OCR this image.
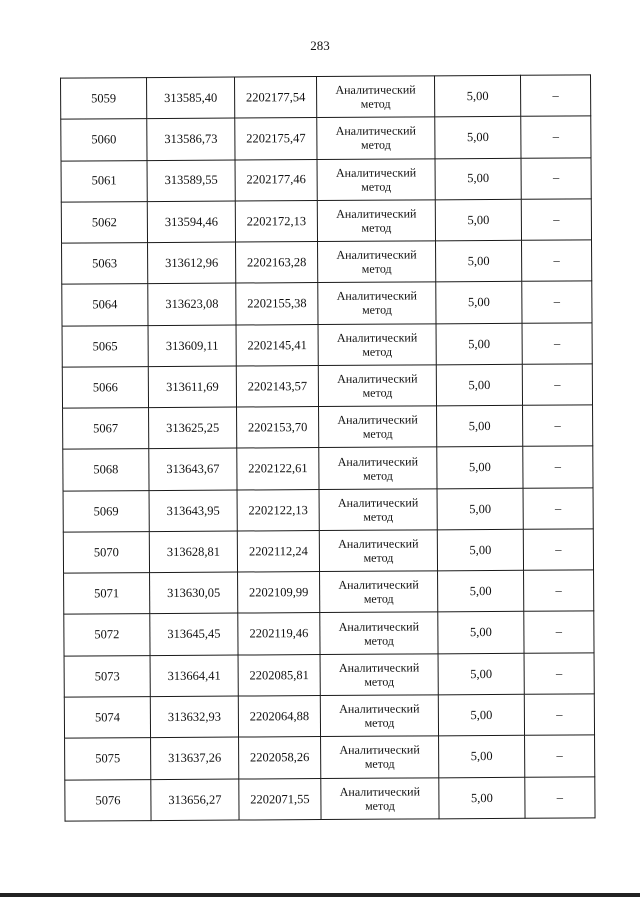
283
5059	313585,40	2202177,54	Аналитический
метод	5,00	–
5060	313586,73	2202175,47	Аналитический
метод	5,00	–
5061	313589,55	2202177,46	Аналитический
метод	5,00	–
5062	313594,46	2202172,13	Аналитический
метод	5,00	–
5063	313612,96	2202163,28	Аналитический
метод	5,00	–
5064	313623,08	2202155,38	Аналитический
метод	5,00	–
5065	313609,11	2202145,41	Аналитический
метод	5,00	–
5066	313611,69	2202143,57	Аналитический
метод	5,00	–
5067	313625,25	2202153,70	Аналитический
метод	5,00	–
5068	313643,67	2202122,61	Аналитический
метод	5,00	–
5069	313643,95	2202122,13	Аналитический
метод	5,00	–
5070	313628,81	2202112,24	Аналитический
метод	5,00	–
5071	313630,05	2202109,99	Аналитический
метод	5,00	–
5072	313645,45	2202119,46	Аналитический
метод	5,00	–
5073	313664,41	2202085,81	Аналитический
метод	5,00	–
5074	313632,93	2202064,88	Аналитический
метод	5,00	–
5075	313637,26	2202058,26	Аналитический
метод	5,00	–
5076	313656,27	2202071,55	Аналитический
метод	5,00	–
